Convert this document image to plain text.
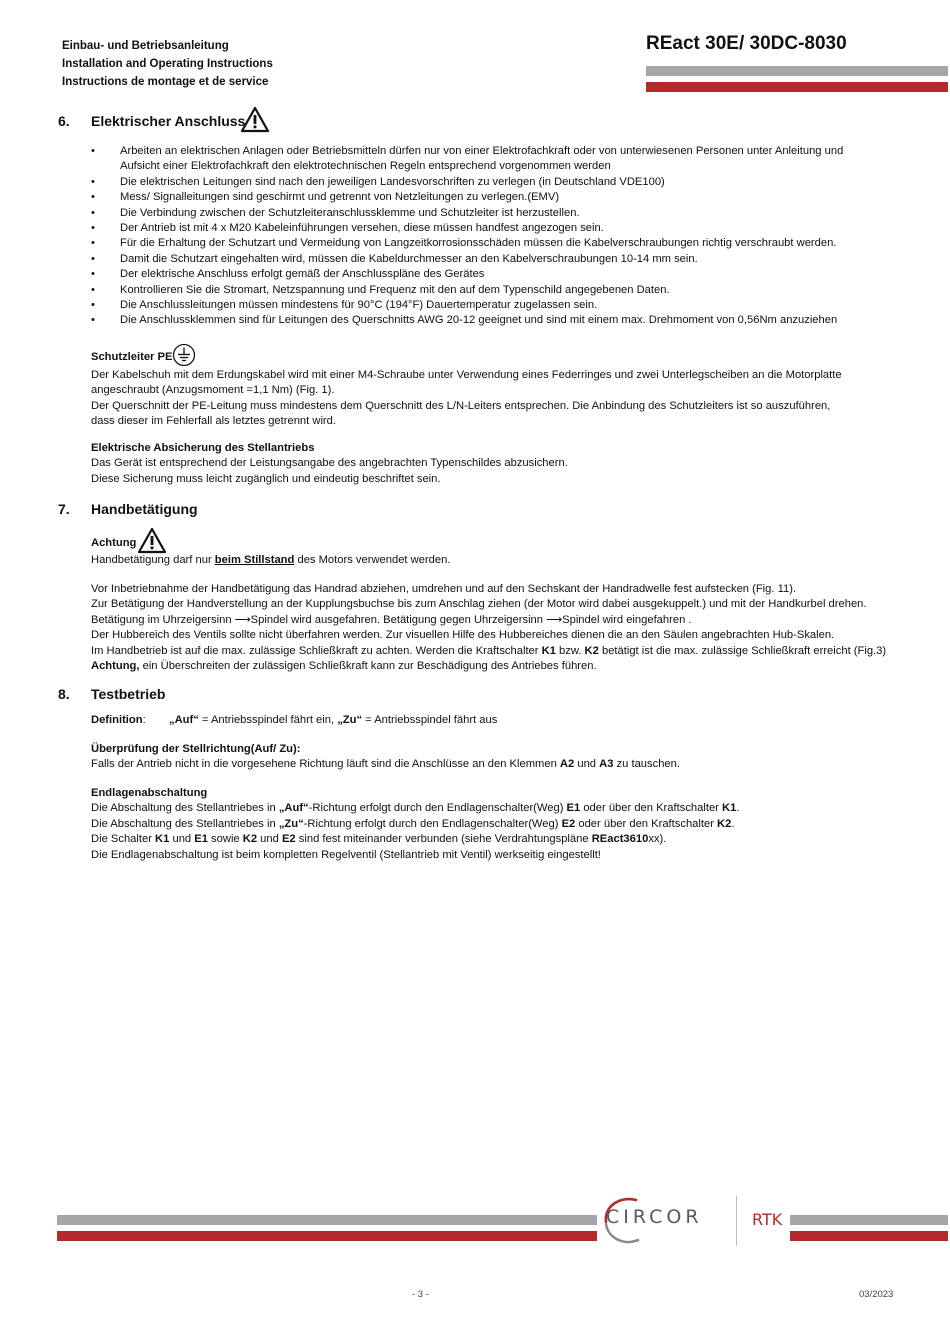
Einbau- und Betriebsanleitung
Installation and Operating Instructions
Instructions de montage et de service
REact 30E/ 30DC-8030
6. Elektrischer Anschluss
• Arbeiten an elektrischen Anlagen oder Betriebsmitteln dürfen nur von einer Elektrofachkraft oder von unterwiesenen Personen unter Anleitung und Aufsicht einer Elektrofachkraft den elektrotechnischen Regeln entsprechend vorgenommen werden
• Die elektrischen Leitungen sind nach den jeweiligen Landesvorschriften zu verlegen (in Deutschland VDE100)
• Mess/ Signalleitungen sind geschirmt und getrennt von Netzleitungen zu verlegen.(EMV)
• Die Verbindung zwischen der Schutzleiteranschlussklemme und Schutzleiter ist herzustellen.
• Der Antrieb ist mit 4 x M20 Kabeleinführungen versehen, diese müssen handfest angezogen sein.
• Für die Erhaltung der Schutzart und Vermeidung von Langzeitkorrosionsschäden müssen die Kabelverschraubungen richtig verschraubt werden.
• Damit die Schutzart eingehalten wird, müssen die Kabeldurchmesser an den Kabelverschraubungen 10-14 mm sein.
• Der elektrische Anschluss erfolgt gemäß der Anschlusspläne des Gerätes
• Kontrollieren Sie die Stromart, Netzspannung und Frequenz mit den auf dem Typenschild angegebenen Daten.
• Die Anschlussleitungen müssen mindestens für 90°C (194°F) Dauertemperatur zugelassen sein.
• Die Anschlussklemmen sind für Leitungen des Querschnitts AWG 20-12 geeignet und sind mit einem max. Drehmoment von 0,56Nm anzuziehen
Schutzleiter PE
Der Kabelschuh mit dem Erdungskabel wird mit einer M4-Schraube unter Verwendung eines Federringes und zwei Unterlegscheiben an die Motorplatte
angeschraubt (Anzugsmoment =1,1 Nm) (Fig. 1).
Der Querschnitt der PE-Leitung muss mindestens dem Querschnitt des L/N-Leiters entsprechen. Die Anbindung des Schutzleiters ist so auszuführen,
dass dieser im Fehlerfall als letztes getrennt wird.
Elektrische Absicherung des Stellantriebs
Das Gerät ist entsprechend der Leistungsangabe des angebrachten Typenschildes abzusichern.
Diese Sicherung muss leicht zugänglich und eindeutig beschriftet sein.
7. Handbetätigung
Achtung
Handbetätigung darf nur beim Stillstand des Motors verwendet werden.
Vor Inbetriebnahme der Handbetätigung das Handrad abziehen, umdrehen und auf den Sechskant der Handradwelle fest aufstecken (Fig. 11).
Zur Betätigung der Handverstellung an der Kupplungsbuchse bis zum Anschlag ziehen (der Motor wird dabei ausgekuppelt.) und mit der Handkurbel drehen.
Betätigung im Uhrzeigersinn ⟶Spindel wird ausgefahren. Betätigung gegen Uhrzeigersinn ⟶Spindel wird eingefahren .
Der Hubbereich des Ventils sollte nicht überfahren werden. Zur visuellen Hilfe des Hubbereiches dienen die an den Säulen angebrachten Hub-Skalen.
Im Handbetrieb ist auf die max. zulässige Schließkraft zu achten. Werden die Kraftschalter K1 bzw. K2 betätigt ist die max. zulässige Schließkraft erreicht (Fig.3)
Achtung, ein Überschreiten der zulässigen Schließkraft kann zur Beschädigung des Antriebes führen.
8. Testbetrieb
Definition: „Auf“ = Antriebsspindel fährt ein, „Zu“ = Antriebsspindel fährt aus
Überprüfung der Stellrichtung(Auf/ Zu):
Falls der Antrieb nicht in die vorgesehene Richtung läuft sind die Anschlüsse an den Klemmen A2 und A3 zu tauschen.
Endlagenabschaltung
Die Abschaltung des Stellantriebes in „Auf“-Richtung erfolgt durch den Endlagenschalter(Weg) E1 oder über den Kraftschalter K1.
Die Abschaltung des Stellantriebes in „Zu“-Richtung erfolgt durch den Endlagenschalter(Weg) E2 oder über den Kraftschalter K2.
Die Schalter K1 und E1 sowie K2 und E2 sind fest miteinander verbunden (siehe Verdrahtungspläne REact3610xx).
Die Endlagenabschaltung ist beim kompletten Regelventil (Stellantrieb mit Ventil) werkseitig eingestellt!
CIRCOR	RTK
- 3 -	03/2023
